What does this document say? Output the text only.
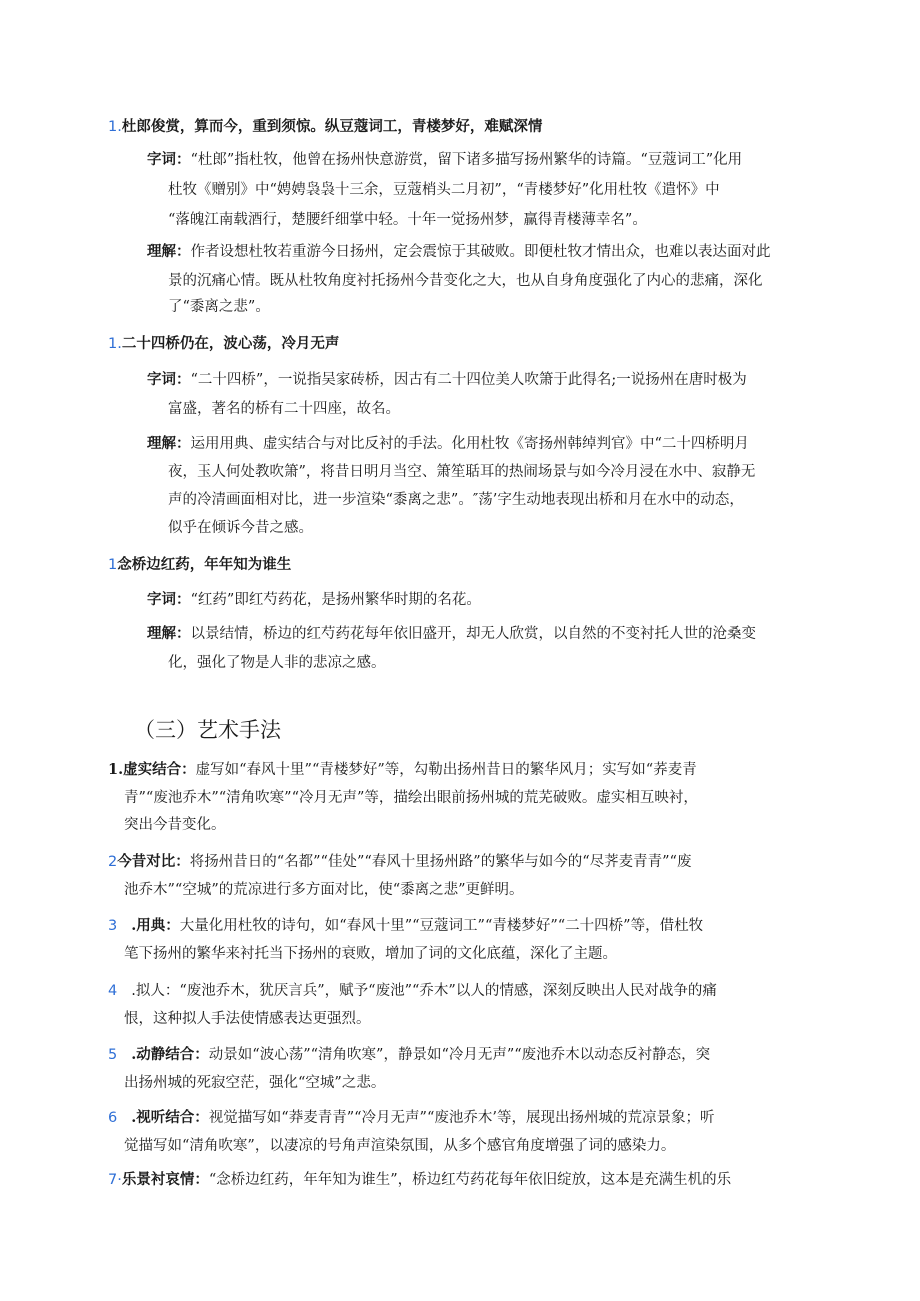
1.杜郎俊赏，算而今，重到须惊。纵豆蔻词工，青楼梦好，难赋深情
字词：“杜郎”指杜牧，他曾在扬州快意游赏，留下诸多描写扬州繁华的诗篇。“豆蔻词工”化用
杜牧《赠别》中“娉娉袅袅十三余，豆蔻梢头二月初”，“青楼梦好”化用杜牧《遣怀》中
“落魄江南载酒行，楚腰纤细掌中轻。十年一觉扬州梦，赢得青楼薄幸名”。
理解：作者设想杜牧若重游今日扬州，定会震惊于其破败。即便杜牧才情出众，也难以表达面对此
景的沉痛心情。既从杜牧角度衬托扬州今昔变化之大，也从自身角度强化了内心的悲痛，深化
了“黍离之悲”。
1.二十四桥仍在，波心荡，冷月无声
字词：“二十四桥”，一说指吴家砖桥，因古有二十四位美人吹箫于此得名;一说扬州在唐时极为
富盛，著名的桥有二十四座，故名。
理解：运用用典、虚实结合与对比反衬的手法。化用杜牧《寄扬州韩绰判官》中“二十四桥明月
夜，玉人何处教吹箫”，将昔日明月当空、箫笙聒耳的热闹场景与如今冷月浸在水中、寂静无
声的冷清画面相对比，进一步渲染“黍离之悲”。″荡’字生动地表现出桥和月在水中的动态，
似乎在倾诉今昔之感。
1念桥边红药，年年知为谁生
字词：“红药”即红芍药花，是扬州繁华时期的名花。
理解：以景结情，桥边的红芍药花每年依旧盛开，却无人欣赏，以自然的不变衬托人世的沧桑变
化，强化了物是人非的悲凉之感。
（三）艺术手法
1.虚实结合：虚写如“春风十里”“青楼梦好”等，勾勒出扬州昔日的繁华风月；实写如“荞麦青
青”“废池乔木”“清角吹寒”“冷月无声”等，描绘出眼前扬州城的荒芜破败。虚实相互映衬，
突出今昔变化。
2今昔对比：将扬州昔日的“名都”“佳处”“春风十里扬州路”的繁华与如今的“尽荠麦青青”“废
池乔木”“空城”的荒凉进行多方面对比，使“黍离之悲”更鲜明。
3 .用典：大量化用杜牧的诗句，如“春风十里”“豆蔻词工”“青楼梦好”“二十四桥”等，借杜牧
笔下扬州的繁华来衬托当下扬州的衰败，增加了词的文化底蕴，深化了主题。
4 .拟人：“废池乔木，犹厌言兵”，赋予“废池”“乔木”以人的情感，深刻反映出人民对战争的痛
恨，这种拟人手法使情感表达更强烈。
5 .动静结合：动景如“波心荡”“清角吹寒”，静景如“冷月无声”“废池乔木以动态反衬静态，突
出扬州城的死寂空茫，强化“空城”之悲。
6 .视听结合：视觉描写如“莽麦青青”“冷月无声”“废池乔木’等，展现出扬州城的荒凉景象；听
觉描写如“清角吹寒”，以凄凉的号角声渲染氛围，从多个感官角度增强了词的感染力。
7·乐景衬哀情：“念桥边红药，年年知为谁生”，桥边红芍药花每年依旧绽放，这本是充满生机的乐
